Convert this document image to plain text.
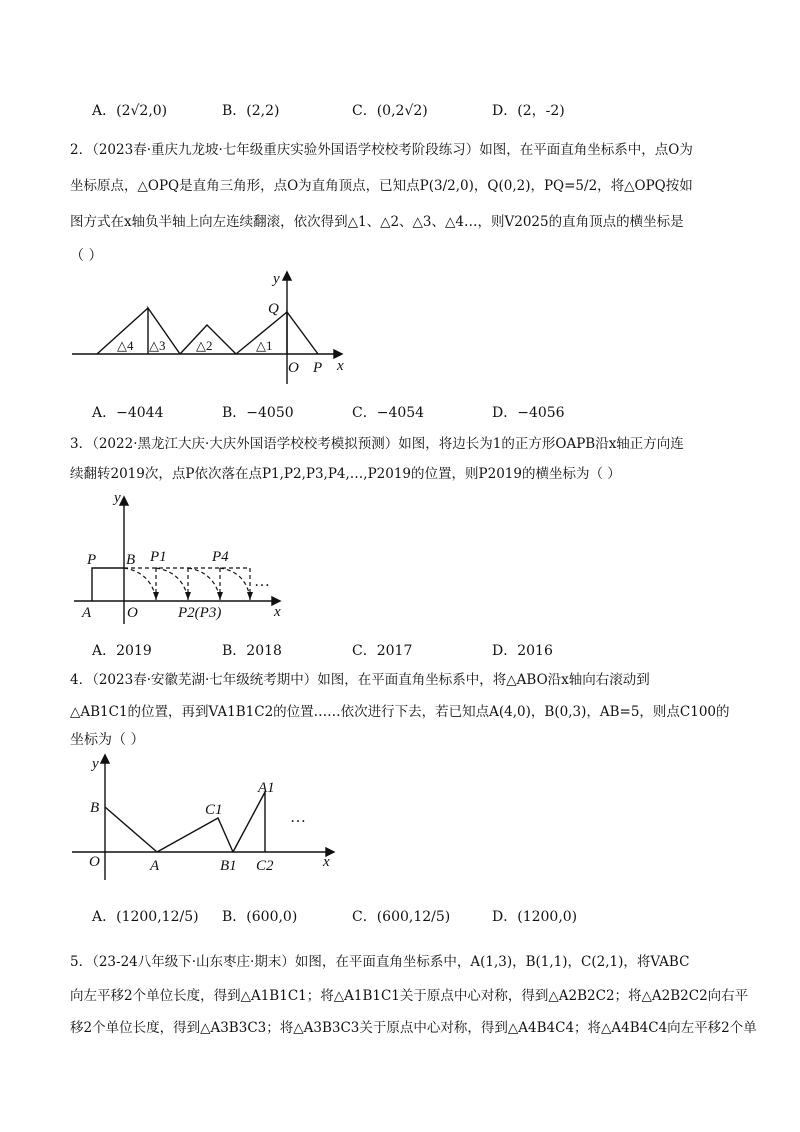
A．(2√2,0)	B．(2,2)	C．(0,2√2)	D．(2，-2)
2．（2023春·重庆九龙坡·七年级重庆实验外国语学校校考阶段练习）如图，在平面直角坐标系中，点O为
坐标原点，△OPQ是直角三角形，点O为直角顶点，已知点P(3/2,0)，Q(0,2)，PQ=5/2，将△OPQ按如
图方式在x轴负半轴上向左连续翻滚，依次得到△1、△2、△3、△4…，则V2025的直角顶点的横坐标是
（ ）
y
x
Q
O P
△1
△2
△3
△4
A．−4044	B．−4050	C．−4054	D．−4056
3．（2022·黑龙江大庆·大庆外国语学校校考模拟预测）如图，将边长为1的正方形OAPB沿x轴正方向连
续翻转2019次，点P依次落在点P1,P2,P3,P4,…,P2019的位置，则P2019的横坐标为（ ）
y
x
P B
A O
P1	P4
P2(P3)
…
A．2019	B．2018	C．2017	D．2016
4．（2023春·安徽芜湖·七年级统考期中）如图，在平面直角坐标系中，将△ABO沿x轴向右滚动到
△AB1C1的位置，再到VA1B1C2的位置……依次进行下去，若已知点A(4,0)，B(0,3)，AB=5，则点C100的
坐标为（ ）
y
x
B
O	A
C1
B1
A1
C2
…
A．(1200,12/5) B．(600,0)	C．(600,12/5)	D．(1200,0)
5．（23-24八年级下·山东枣庄·期末）如图，在平面直角坐标系中，A(1,3)，B(1,1)，C(2,1)，将VABC
向左平移2个单位长度，得到△A1B1C1；将△A1B1C1关于原点中心对称，得到△A2B2C2；将△A2B2C2向右平
移2个单位长度，得到△A3B3C3；将△A3B3C3关于原点中心对称，得到△A4B4C4；将△A4B4C4向左平移2个单
